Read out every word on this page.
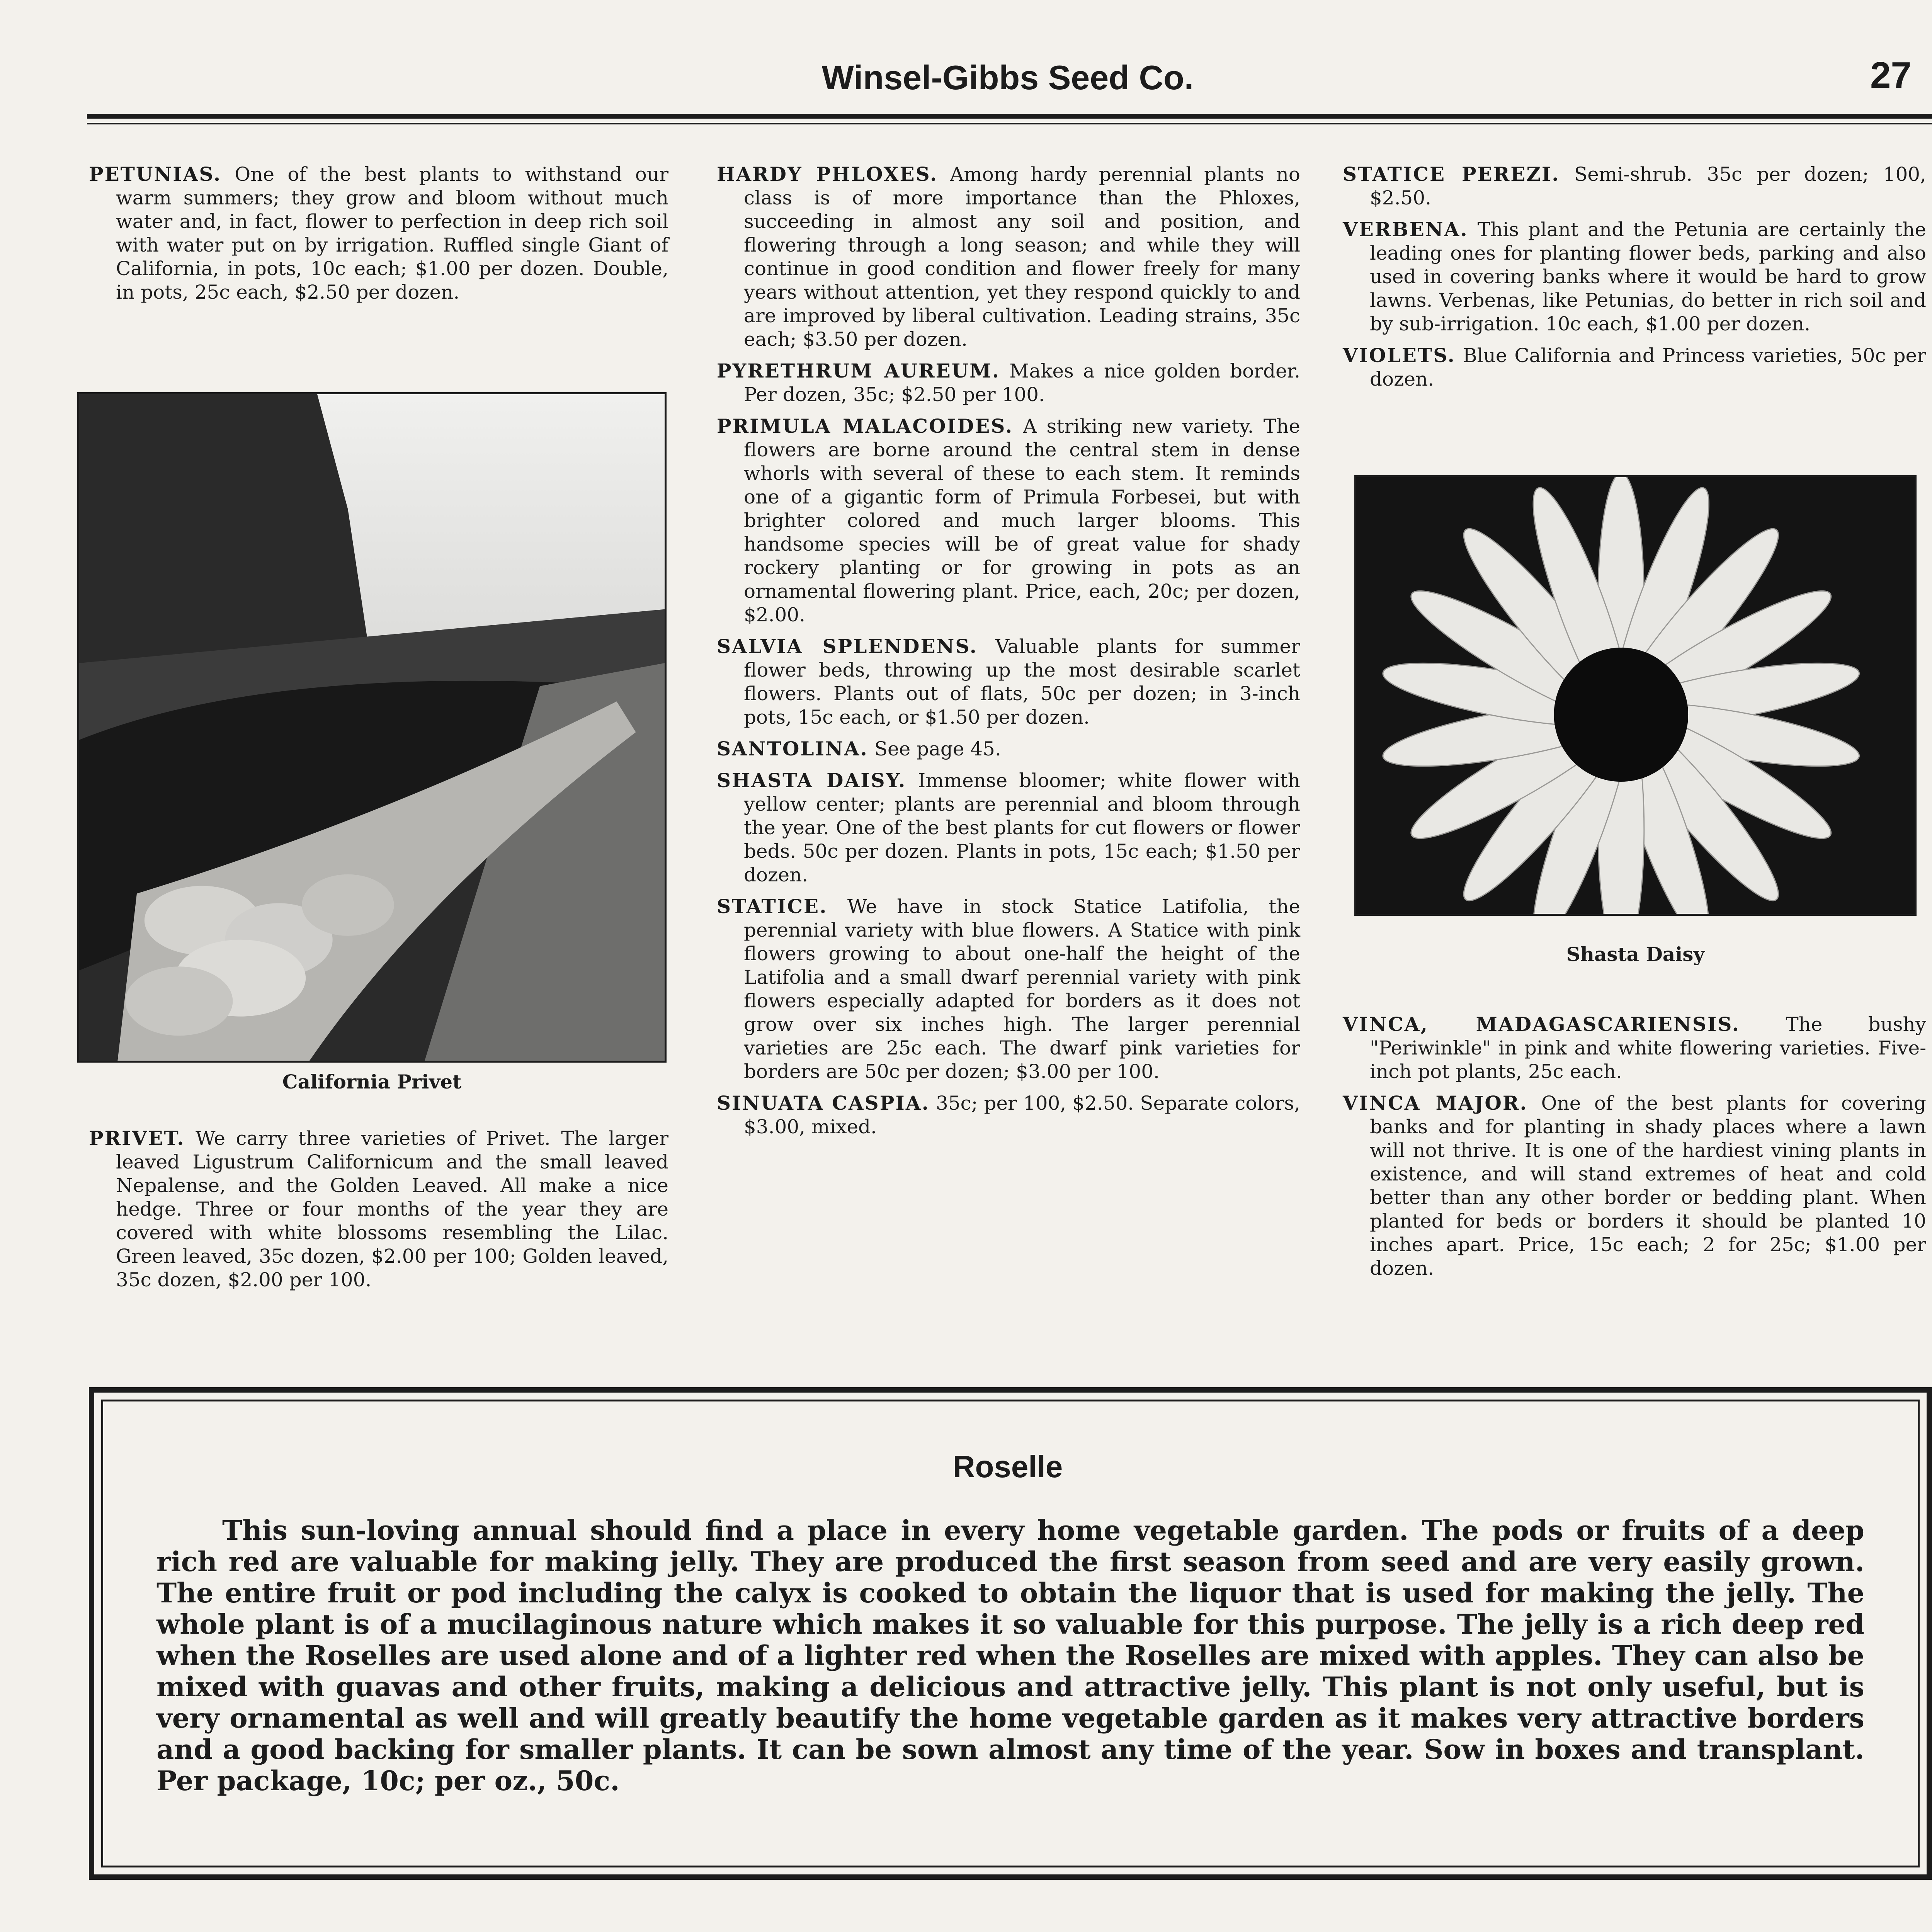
Winsel-Gibbs Seed Co.	27

PETUNIAS. One of the best plants to withstand our warm summers; they grow and bloom without much water and, in fact, flower to perfection in deep rich soil with water put on by irrigation. Ruffled single Giant of California, in pots, 10c each; $1.00 per dozen. Double, in pots, 25c each, $2.50 per dozen.

California Privet

PRIVET. We carry three varieties of Privet. The larger leaved Ligustrum Californicum and the small leaved Nepalense, and the Golden Leaved. All make a nice hedge. Three or four months of the year they are covered with white blossoms resembling the Lilac. Green leaved, 35c dozen, $2.00 per 100; Golden leaved, 35c dozen, $2.00 per 100.

HARDY PHLOXES. Among hardy perennial plants no class is of more importance than the Phloxes, succeeding in almost any soil and position, and flowering through a long season; and while they will continue in good condition and flower freely for many years without attention, yet they respond quickly to and are improved by liberal cultivation. Leading strains, 35c each; $3.50 per dozen.

PYRETHRUM AUREUM. Makes a nice golden border. Per dozen, 35c; $2.50 per 100.

PRIMULA MALACOIDES. A striking new variety. The flowers are borne around the central stem in dense whorls with several of these to each stem. It reminds one of a gigantic form of Primula Forbesei, but with brighter colored and much larger blooms. This handsome species will be of great value for shady rockery planting or for growing in pots as an ornamental flowering plant. Price, each, 20c; per dozen, $2.00.

SALVIA SPLENDENS. Valuable plants for summer flower beds, throwing up the most desirable scarlet flowers. Plants out of flats, 50c per dozen; in 3-inch pots, 15c each, or $1.50 per dozen.

SANTOLINA. See page 45.

SHASTA DAISY. Immense bloomer; white flower with yellow center; plants are perennial and bloom through the year. One of the best plants for cut flowers or flower beds. 50c per dozen. Plants in pots, 15c each; $1.50 per dozen.

STATICE. We have in stock Statice Latifolia, the perennial variety with blue flowers. A Statice with pink flowers growing to about one-half the height of the Latifolia and a small dwarf perennial variety with pink flowers especially adapted for borders as it does not grow over six inches high. The larger perennial varieties are 25c each. The dwarf pink varieties for borders are 50c per dozen; $3.00 per 100.

SINUATA CASPIA. 35c; per 100, $2.50. Separate colors, $3.00, mixed.

STATICE PEREZI. Semi-shrub. 35c per dozen; 100, $2.50.

VERBENA. This plant and the Petunia are certainly the leading ones for planting flower beds, parking and also used in covering banks where it would be hard to grow lawns. Verbenas, like Petunias, do better in rich soil and by sub-irrigation. 10c each, $1.00 per dozen.

VIOLETS. Blue California and Princess varieties, 50c per dozen.

Shasta Daisy

VINCA, MADAGASCARIENSIS. The bushy "Periwinkle" in pink and white flowering varieties. Five-inch pot plants, 25c each.

VINCA MAJOR. One of the best plants for covering banks and for planting in shady places where a lawn will not thrive. It is one of the hardiest vining plants in existence, and will stand extremes of heat and cold better than any other border or bedding plant. When planted for beds or borders it should be planted 10 inches apart. Price, 15c each; 2 for 25c; $1.00 per dozen.

Roselle
This sun-loving annual should find a place in every home vegetable garden. The pods or fruits of a deep rich red are valuable for making jelly. They are produced the first season from seed and are very easily grown. The entire fruit or pod including the calyx is cooked to obtain the liquor that is used for making the jelly. The whole plant is of a mucilaginous nature which makes it so valuable for this purpose. The jelly is a rich deep red when the Roselles are used alone and of a lighter red when the Roselles are mixed with apples. They can also be mixed with guavas and other fruits, making a delicious and attractive jelly. This plant is not only useful, but is very ornamental as well and will greatly beautify the home vegetable garden as it makes very attractive borders and a good backing for smaller plants. It can be sown almost any time of the year. Sow in boxes and transplant. Per package, 10c; per oz., 50c.
